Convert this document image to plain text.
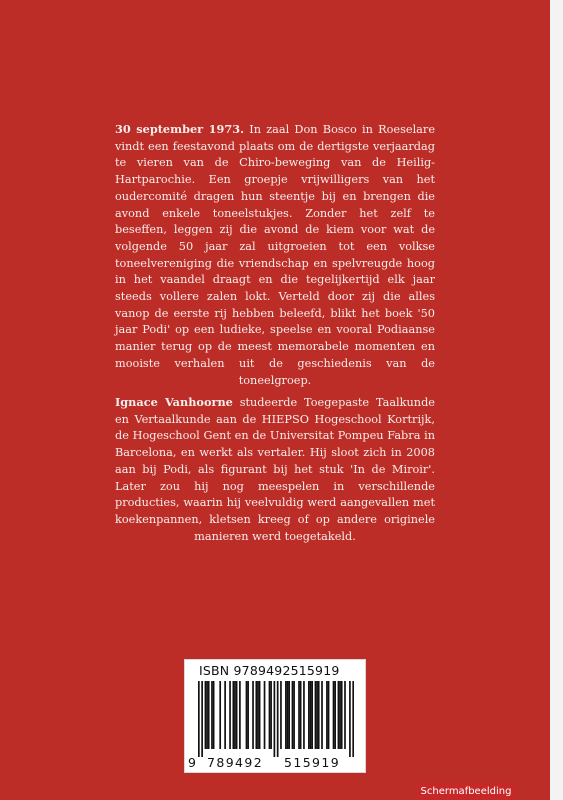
30 september 1973. In zaal Don Bosco in Roeselare vindt een feestavond plaats om de dertigste verjaardag te vieren van de Chiro-beweging van de Heilig-Hartparochie. Een groepje vrijwilligers van het oudercomité dragen hun steentje bij en brengen die avond enkele toneelstukjes. Zonder het zelf te beseffen, leggen zij die avond de kiem voor wat de volgende 50 jaar zal uitgroeien tot een volkse toneelvereniging die vriendschap en spelvreugde hoog in het vaandel draagt en die tegelijkertijd elk jaar steeds vollere zalen lokt. Verteld door zij die alles vanop de eerste rij hebben beleefd, blikt het boek '50 jaar Podi' op een ludieke, speelse en vooral Podiaanse manier terug op de meest memorabele momenten en mooiste verhalen uit de geschiedenis van de toneelgroep.

Ignace Vanhoorne studeerde Toegepaste Taalkunde en Vertaalkunde aan de HIEPSO Hogeschool Kortrijk, de Hogeschool Gent en de Universitat Pompeu Fabra in Barcelona, en werkt als vertaler. Hij sloot zich in 2008 aan bij Podi, als figurant bij het stuk 'In de Miroir'. Later zou hij nog meespelen in verschillende producties, waarin hij veelvuldig werd aangevallen met koekenpannen, kletsen kreeg of op andere originele manieren werd toegetakeld.

ISBN 9789492515919
9 789492 515919
Schermafbeelding
